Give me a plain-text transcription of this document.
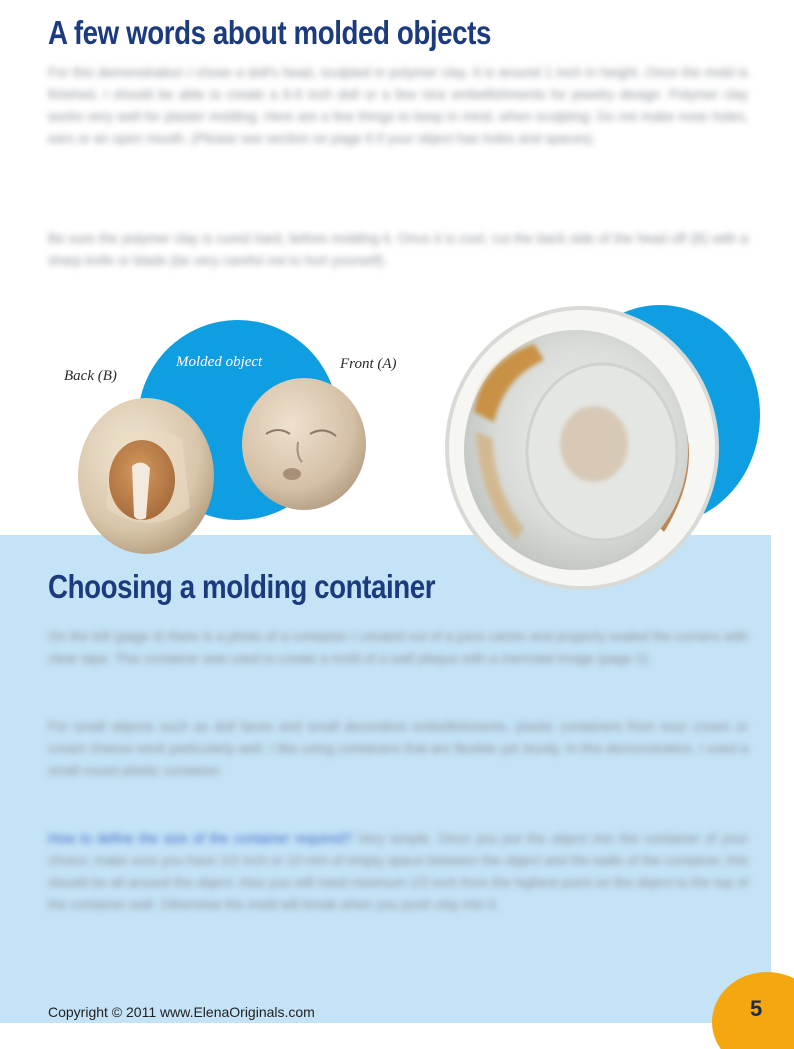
A few words about molded objects

For this demonstration I chose a doll's head, sculpted in polymer clay. It is around 1 inch in height. Once the mold is finished, I should be able to create a 8-9 inch doll or a few nice embellishments for jewelry design. Polymer clay works very well for plaster molding. Here are a few things to keep in mind, when sculpting: Do not make nose holes, ears or an open mouth. (Please see section on page 6 if your object has holes and spaces).

Be sure the polymer clay is cured hard, before molding it. Once it is cool, cut the back side of the head off (B) with a sharp knife or blade (be very careful not to hurt yourself).

Molded object
Back (B)
Front (A)
Choosing a molding container

On the left (page 4) there is a photo of a container I created out of a juice carton and properly sealed the corners with clear tape. This container was used to create a mold of a wall plaque with a mermaid image (page 2).

For small objects such as doll faces and small decorative embellishments, plastic containers from sour cream or cream cheese work particularly well. I like using containers that are flexible yet sturdy. In this demonstration, I used a small round plastic container.

How to define the size of the container required? Very simple. Once you put the object into the container of your choice, make sure you have 1/2 inch or 10 mm of empty space between the object and the walls of the container, this should be all around the object. Also you will need minimum 1/2 inch from the highest point on the object to the top of the container wall. Otherwise the mold will break when you push clay into it.

Copyright © 2011 www.ElenaOriginals.com	5
